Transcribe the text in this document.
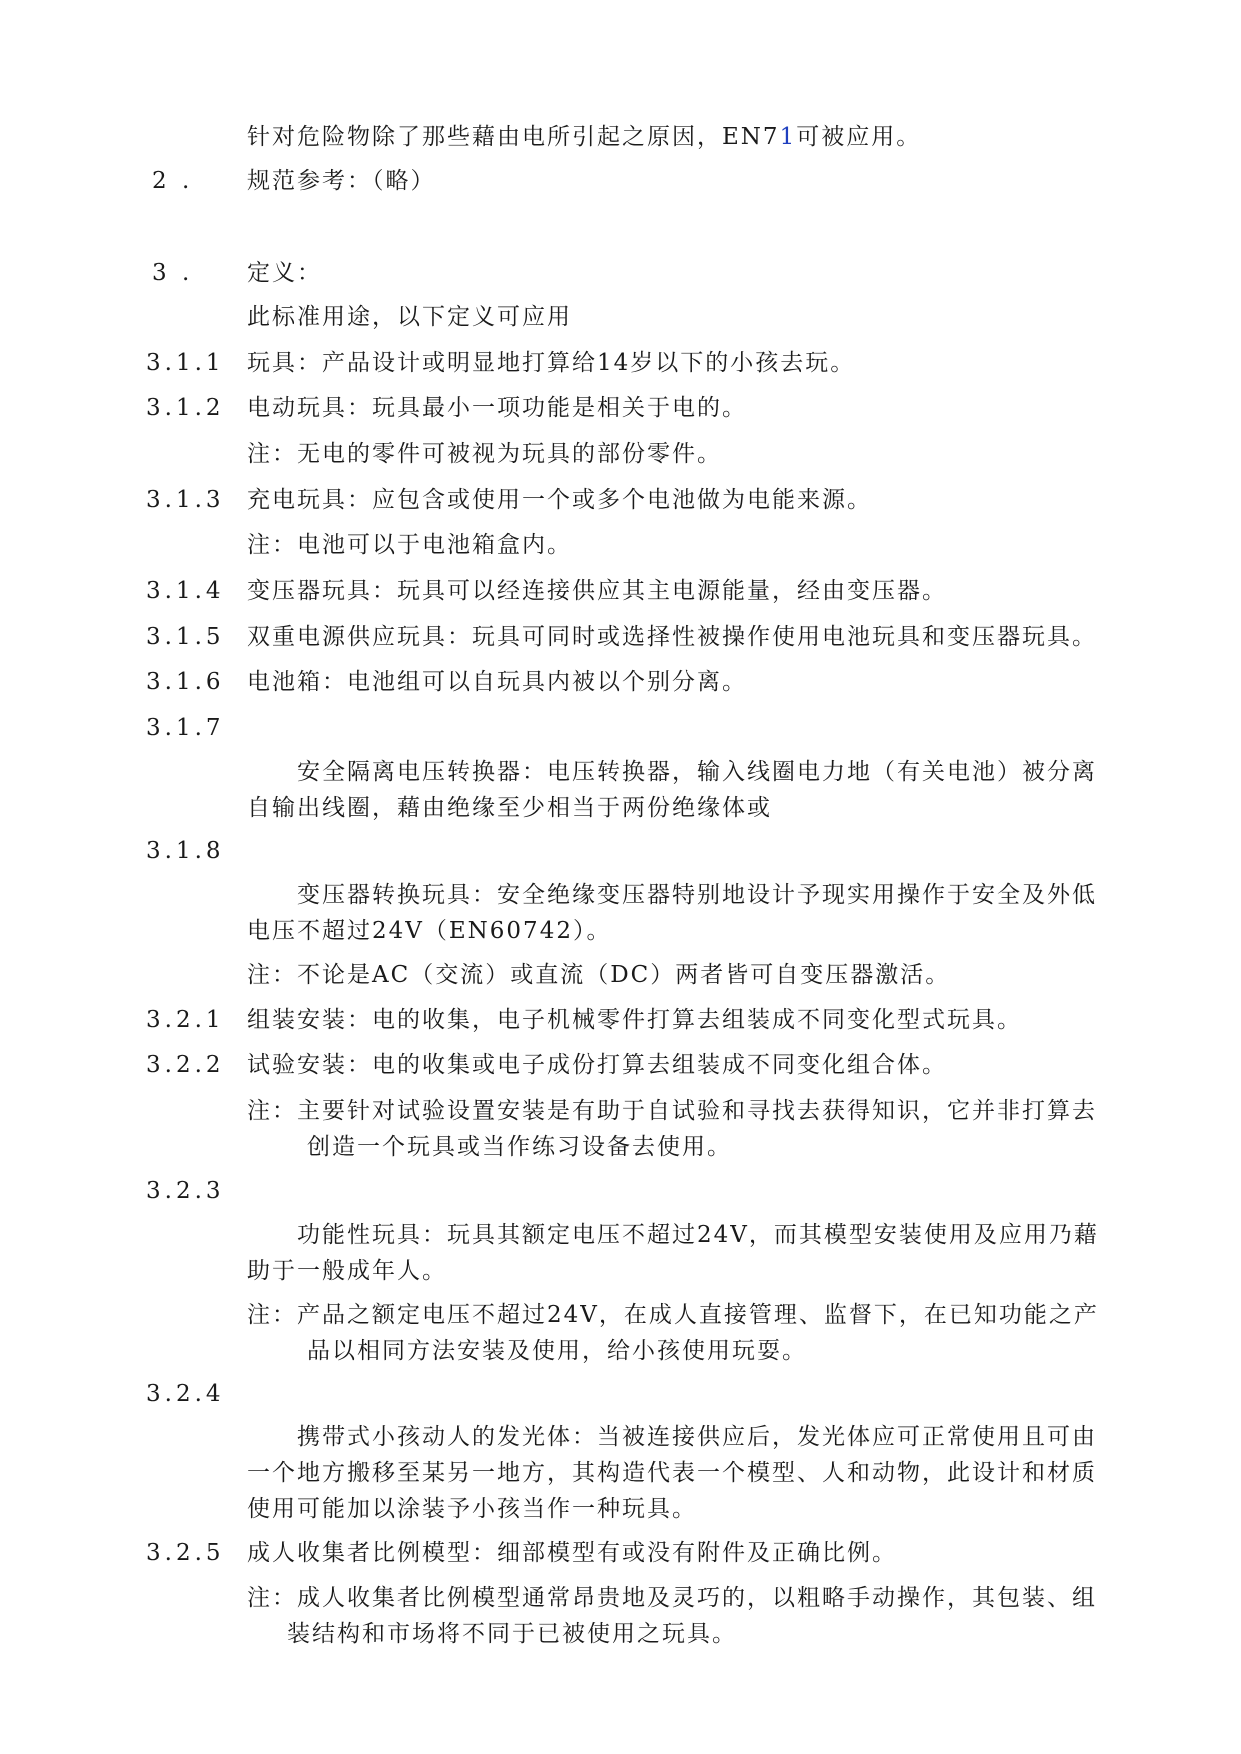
针对危险物除了那些藉由电所引起之原因，EN71可被应用。
2 . 规范参考：（略）
3 . 定义：
此标准用途，以下定义可应用
3.1.1 玩具：产品设计或明显地打算给14岁以下的小孩去玩。
3.1.2 电动玩具：玩具最小一项功能是相关于电的。
注：无电的零件可被视为玩具的部份零件。
3.1.3 充电玩具：应包含或使用一个或多个电池做为电能来源。
注：电池可以于电池箱盒内。
3.1.4 变压器玩具：玩具可以经连接供应其主电源能量，经由变压器。
3.1.5 双重电源供应玩具：玩具可同时或选择性被操作使用电池玩具和变压器玩具。
3.1.6 电池箱：电池组可以自玩具内被以个别分离。
3.1.7
安全隔离电压转换器：电压转换器，输入线圈电力地（有关电池）被分离
自输出线圈，藉由绝缘至少相当于两份绝缘体或
3.1.8
变压器转换玩具：安全绝缘变压器特别地设计予现实用操作于安全及外低
电压不超过24V（EN60742）。
注：不论是AC（交流）或直流（DC）两者皆可自变压器激活。
3.2.1 组装安装：电的收集，电子机械零件打算去组装成不同变化型式玩具。
3.2.2 试验安装：电的收集或电子成份打算去组装成不同变化组合体。
注：主要针对试验设置安装是有助于自试验和寻找去获得知识，它并非打算去
创造一个玩具或当作练习设备去使用。
3.2.3
功能性玩具：玩具其额定电压不超过24V，而其模型安装使用及应用乃藉
助于一般成年人。
注：产品之额定电压不超过24V，在成人直接管理、监督下，在已知功能之产
品以相同方法安装及使用，给小孩使用玩耍。
3.2.4
携带式小孩动人的发光体：当被连接供应后，发光体应可正常使用且可由
一个地方搬移至某另一地方，其构造代表一个模型、人和动物，此设计和材质
使用可能加以涂装予小孩当作一种玩具。
3.2.5 成人收集者比例模型：细部模型有或没有附件及正确比例。
注：成人收集者比例模型通常昂贵地及灵巧的，以粗略手动操作，其包装、组
装结构和市场将不同于已被使用之玩具。
